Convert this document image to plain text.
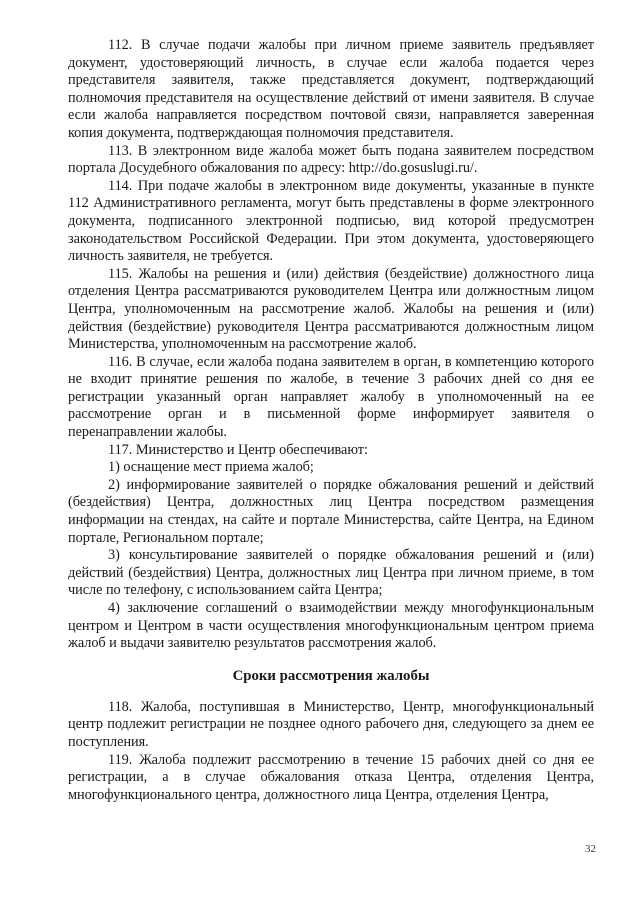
112. В случае подачи жалобы при личном приеме заявитель предъявляет документ, удостоверяющий личность, в случае если жалоба подается через представителя заявителя, также представляется документ, подтверждающий полномочия представителя на осуществление действий от имени заявителя. В случае если жалоба направляется посредством почтовой связи, направляется заверенная копия документа, подтверждающая полномочия представителя.

113. В электронном виде жалоба может быть подана заявителем посредством портала Досудебного обжалования по адресу: http://do.gosuslugi.ru/.

114. При подаче жалобы в электронном виде документы, указанные в пункте 112 Административного регламента, могут быть представлены в форме электронного документа, подписанного электронной подписью, вид которой предусмотрен законодательством Российской Федерации. При этом документа, удостоверяющего личность заявителя, не требуется.

115. Жалобы на решения и (или) действия (бездействие) должностного лица отделения Центра рассматриваются руководителем Центра или должностным лицом Центра, уполномоченным на рассмотрение жалоб. Жалобы на решения и (или) действия (бездействие) руководителя Центра рассматриваются должностным лицом Министерства, уполномоченным на рассмотрение жалоб.

116. В случае, если жалоба подана заявителем в орган, в компетенцию которого не входит принятие решения по жалобе, в течение 3 рабочих дней со дня ее регистрации указанный орган направляет жалобу в уполномоченный на ее рассмотрение орган и в письменной форме информирует заявителя о перенаправлении жалобы.

117. Министерство и Центр обеспечивают:

1) оснащение мест приема жалоб;

2) информирование заявителей о порядке обжалования решений и действий (бездействия) Центра, должностных лиц Центра посредством размещения информации на стендах, на сайте и портале Министерства, сайте Центра, на Едином портале, Региональном портале;

3) консультирование заявителей о порядке обжалования решений и (или) действий (бездействия) Центра, должностных лиц Центра при личном приеме, в том числе по телефону, с использованием сайта Центра;

4) заключение соглашений о взаимодействии между многофункциональным центром и Центром в части осуществления многофункциональным центром приема жалоб и выдачи заявителю результатов рассмотрения жалоб.

Сроки рассмотрения жалобы

118. Жалоба, поступившая в Министерство, Центр, многофункциональный центр подлежит регистрации не позднее одного рабочего дня, следующего за днем ее поступления.

119. Жалоба подлежит рассмотрению в течение 15 рабочих дней со дня ее регистрации, а в случае обжалования отказа Центра, отделения Центра, многофункционального центра, должностного лица Центра, отделения Центра,

32
